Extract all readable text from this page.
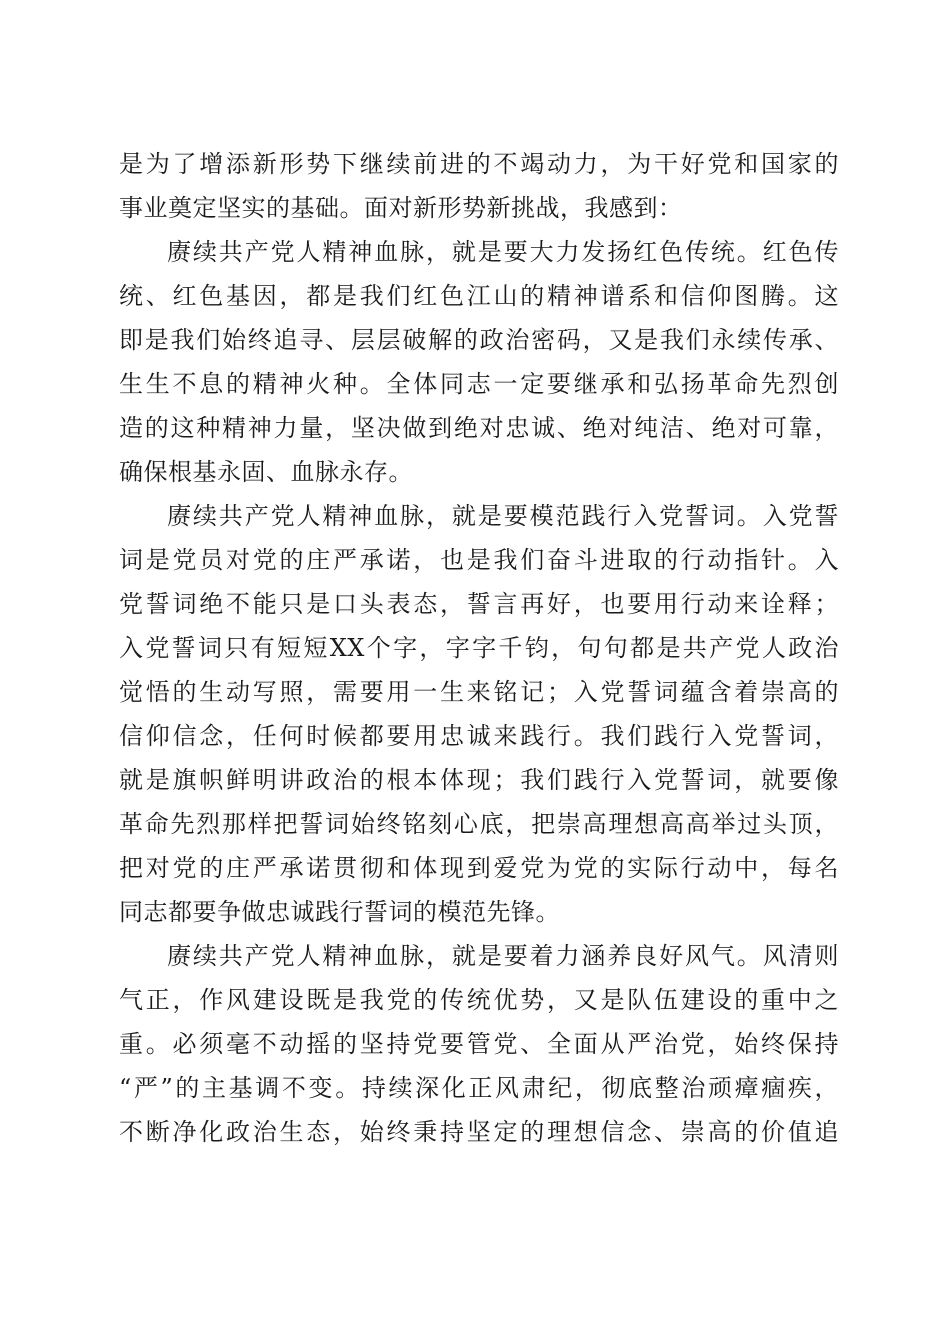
是为了增添新形势下继续前进的不竭动力，为干好党和国家的
事业奠定坚实的基础。面对新形势新挑战，我感到：
赓续共产党人精神血脉，就是要大力发扬红色传统。红色传
统、红色基因，都是我们红色江山的精神谱系和信仰图腾。这
即是我们始终追寻、层层破解的政治密码，又是我们永续传承、
生生不息的精神火种。全体同志一定要继承和弘扬革命先烈创
造的这种精神力量，坚决做到绝对忠诚、绝对纯洁、绝对可靠，
确保根基永固、血脉永存。
赓续共产党人精神血脉，就是要模范践行入党誓词。入党誓
词是党员对党的庄严承诺，也是我们奋斗进取的行动指针。入
党誓词绝不能只是口头表态，誓言再好，也要用行动来诠释；
入党誓词只有短短XX个字，字字千钧，句句都是共产党人政治
觉悟的生动写照，需要用一生来铭记；入党誓词蕴含着崇高的
信仰信念，任何时候都要用忠诚来践行。我们践行入党誓词，
就是旗帜鲜明讲政治的根本体现；我们践行入党誓词，就要像
革命先烈那样把誓词始终铭刻心底，把崇高理想高高举过头顶，
把对党的庄严承诺贯彻和体现到爱党为党的实际行动中，每名
同志都要争做忠诚践行誓词的模范先锋。
赓续共产党人精神血脉，就是要着力涵养良好风气。风清则
气正，作风建设既是我党的传统优势，又是队伍建设的重中之
重。必须毫不动摇的坚持党要管党、全面从严治党，始终保持
“严”的主基调不变。持续深化正风肃纪，彻底整治顽瘴痼疾，
不断净化政治生态，始终秉持坚定的理想信念、崇高的价值追
